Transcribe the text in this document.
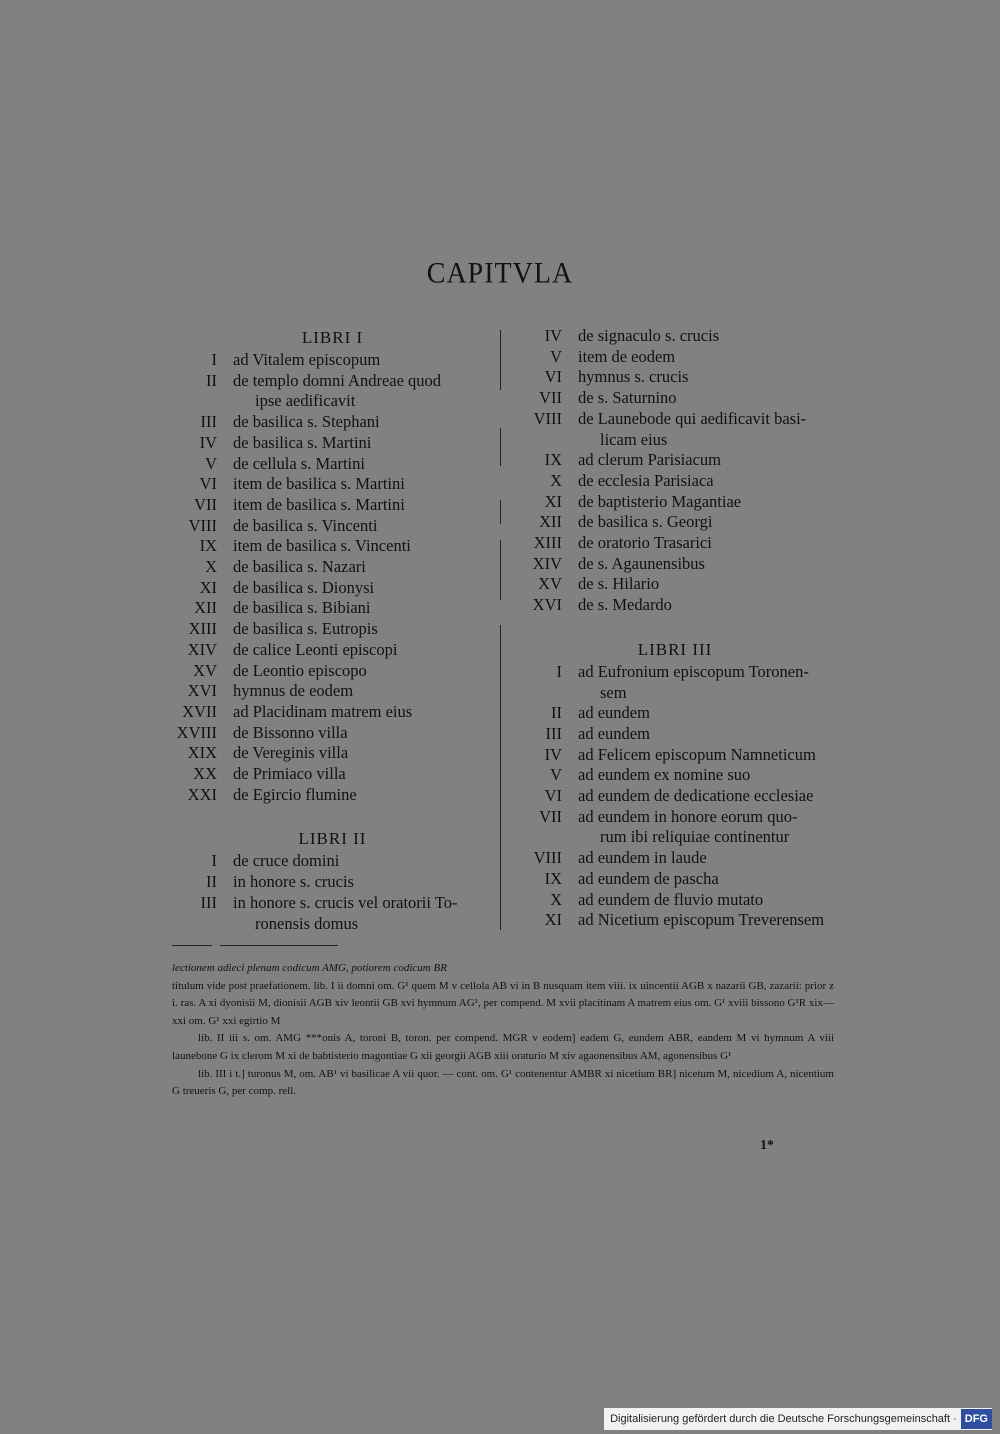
CAPITVLA
LIBRI I
I ad Vitalem episcopum
II de templo domni Andreae quod
ipse aedificavit
III de basilica s. Stephani
IV de basilica s. Martini
V de cellula s. Martini
VI item de basilica s. Martini
VII item de basilica s. Martini
VIII de basilica s. Vincenti
IX item de basilica s. Vincenti
X de basilica s. Nazari
XI de basilica s. Dionysi
XII de basilica s. Bibiani
XIII de basilica s. Eutropis
XIV de calice Leonti episcopi
XV de Leontio episcopo
XVI hymnus de eodem
XVII ad Placidinam matrem eius
XVIII de Bissonno villa
XIX de Vereginis villa
XX de Primiaco villa
XXI de Egircio flumine
LIBRI II
I de cruce domini
II in honore s. crucis
III in honore s. crucis vel oratorii To-
ronensis domus
IV de signaculo s. crucis
V item de eodem
VI hymnus s. crucis
VII de s. Saturnino
VIII de Launebode qui aedificavit basi-
licam eius
IX ad clerum Parisiacum
X de ecclesia Parisiaca
XI de baptisterio Magantiae
XII de basilica s. Georgi
XIII de oratorio Trasarici
XIV de s. Agaunensibus
XV de s. Hilario
XVI de s. Medardo
LIBRI III
I ad Eufronium episcopum Toronen-
sem
II ad eundem
III ad eundem
IV ad Felicem episcopum Namneticum
V ad eundem ex nomine suo
VI ad eundem de dedicatione ecclesiae
VII ad eundem in honore eorum quo-
rum ibi reliquiae continentur
VIII ad eundem in laude
IX ad eundem de pascha
X ad eundem de fluvio mutato
XI ad Nicetium episcopum Treverensem

lectionem adieci plenam codicum AMG, potiorem codicum BR

titulum vide post praefationem. lib. I ii domni om. G¹ quem M v cellola AB vi in B nusquam item viii. ix uincentii AGB x nazarii GB, zazarii: prior z i. ras. A xi dyonisii M, dionisii AGB xiv leontii GB xvi hymnum AG¹, per compend. M xvii placitinam A matrem eius om. G¹ xviii bissono G¹R xix—xxi om. G¹ xxi egirtio M

lib. II iii s. om. AMG ***onis A, toroni B, toron. per compend. MGR v eodem] eadem G, eundem ABR, eandem M vi hymnum A viii launebone G ix clerom M xi de babtisterio magontiae G xii georgii AGB xiii oraturio M xiv agaonensibus AM, agonensibus G¹

lib. III i t.] turonus M, om. AB¹ vi basilicae A vii quor. — cont. om. G¹ contenentur AMBR xi nicetium BR] nicetum M, nicedium A, nicentium G treueris G, per comp. rell.

1*
Digitalisierung gefördert durch die Deutsche Forschungsgemeinschaft · DFG
